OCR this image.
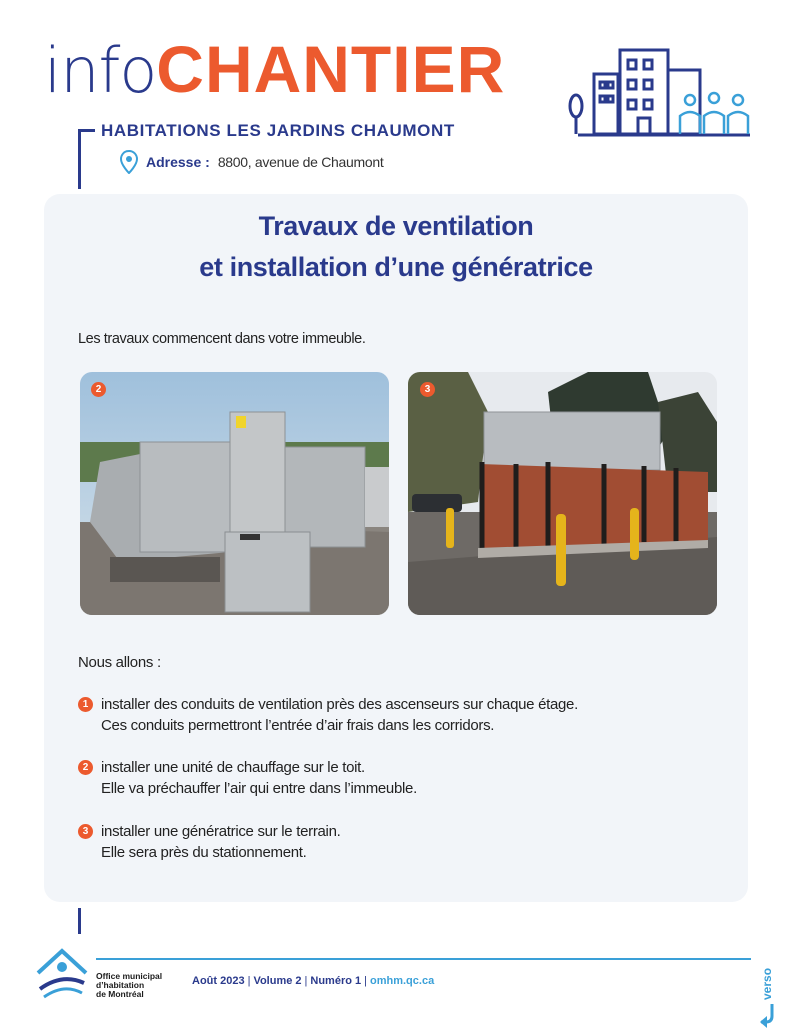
infoCHANTIER
HABITATIONS LES JARDINS CHAUMONT
Adresse : 8800, avenue de Chaumont
Travaux de ventilation
et installation d’une génératrice
Les travaux commencent dans votre immeuble.
2	3
Nous allons :
1 installer des conduits de ventilation près des ascenseurs sur chaque étage.
Ces conduits permettront l’entrée d’air frais dans les corridors.
2 installer une unité de chauffage sur le toit.
Elle va préchauffer l’air qui entre dans l’immeuble.
3 installer une génératrice sur le terrain.
Elle sera près du stationnement.
Office municipal
d’habitation
de Montréal
Août 2023 | Volume 2 | Numéro 1 | omhm.qc.ca	verso
